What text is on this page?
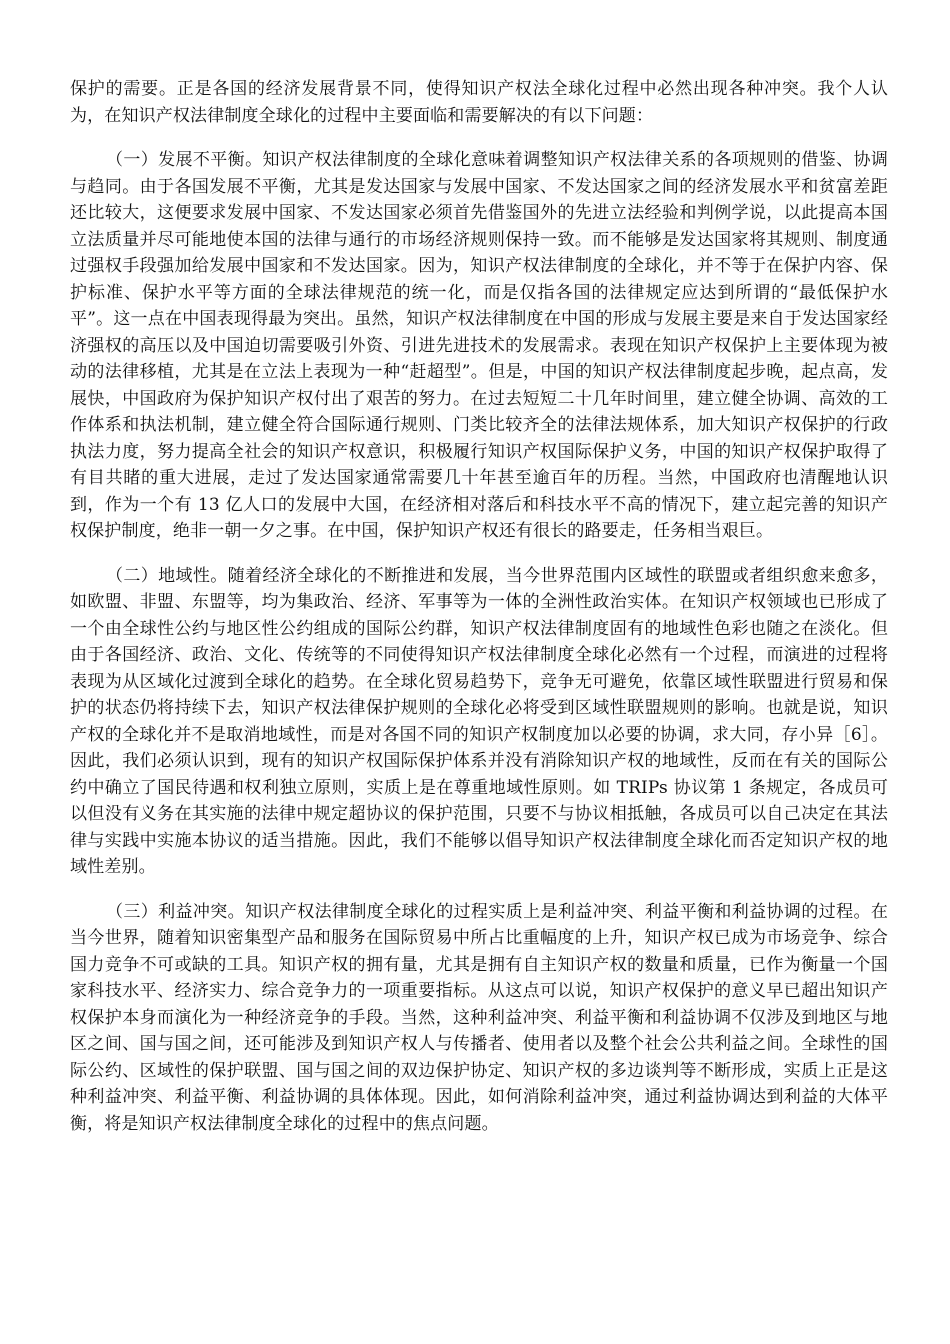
保护的需要。正是各国的经济发展背景不同，使得知识产权法全球化过程中必然出现各种冲突。我个人认为，在知识产权法律制度全球化的过程中主要面临和需要解决的有以下问题：

（一）发展不平衡。知识产权法律制度的全球化意味着调整知识产权法律关系的各项规则的借鉴、协调与趋同。由于各国发展不平衡，尤其是发达国家与发展中国家、不发达国家之间的经济发展水平和贫富差距还比较大，这便要求发展中国家、不发达国家必须首先借鉴国外的先进立法经验和判例学说，以此提高本国立法质量并尽可能地使本国的法律与通行的市场经济规则保持一致。而不能够是发达国家将其规则、制度通过强权手段强加给发展中国家和不发达国家。因为，知识产权法律制度的全球化，并不等于在保护内容、保护标准、保护水平等方面的全球法律规范的统一化，而是仅指各国的法律规定应达到所谓的“最低保护水平”。这一点在中国表现得最为突出。虽然，知识产权法律制度在中国的形成与发展主要是来自于发达国家经济强权的高压以及中国迫切需要吸引外资、引进先进技术的发展需求。表现在知识产权保护上主要体现为被动的法律移植，尤其是在立法上表现为一种“赶超型”。但是，中国的知识产权法律制度起步晚，起点高，发展快，中国政府为保护知识产权付出了艰苦的努力。在过去短短二十几年时间里，建立健全协调、高效的工作体系和执法机制，建立健全符合国际通行规则、门类比较齐全的法律法规体系，加大知识产权保护的行政执法力度，努力提高全社会的知识产权意识，积极履行知识产权国际保护义务，中国的知识产权保护取得了有目共睹的重大进展，走过了发达国家通常需要几十年甚至逾百年的历程。当然，中国政府也清醒地认识到，作为一个有 13 亿人口的发展中大国，在经济相对落后和科技水平不高的情况下，建立起完善的知识产权保护制度，绝非一朝一夕之事。在中国，保护知识产权还有很长的路要走，任务相当艰巨。

（二）地域性。随着经济全球化的不断推进和发展，当今世界范围内区域性的联盟或者组织愈来愈多，如欧盟、非盟、东盟等，均为集政治、经济、军事等为一体的全洲性政治实体。在知识产权领域也已形成了一个由全球性公约与地区性公约组成的国际公约群，知识产权法律制度固有的地域性色彩也随之在淡化。但由于各国经济、政治、文化、传统等的不同使得知识产权法律制度全球化必然有一个过程，而演进的过程将表现为从区域化过渡到全球化的趋势。在全球化贸易趋势下，竞争无可避免，依靠区域性联盟进行贸易和保护的状态仍将持续下去，知识产权法律保护规则的全球化必将受到区域性联盟规则的影响。也就是说，知识产权的全球化并不是取消地域性，而是对各国不同的知识产权制度加以必要的协调，求大同，存小异［6］。因此，我们必须认识到，现有的知识产权国际保护体系并没有消除知识产权的地域性，反而在有关的国际公约中确立了国民待遇和权利独立原则，实质上是在尊重地域性原则。如 TRIPs 协议第 1 条规定，各成员可以但没有义务在其实施的法律中规定超协议的保护范围，只要不与协议相抵触，各成员可以自己决定在其法律与实践中实施本协议的适当措施。因此，我们不能够以倡导知识产权法律制度全球化而否定知识产权的地域性差别。

（三）利益冲突。知识产权法律制度全球化的过程实质上是利益冲突、利益平衡和利益协调的过程。在当今世界，随着知识密集型产品和服务在国际贸易中所占比重幅度的上升，知识产权已成为市场竞争、综合国力竞争不可或缺的工具。知识产权的拥有量，尤其是拥有自主知识产权的数量和质量，已作为衡量一个国家科技水平、经济实力、综合竞争力的一项重要指标。从这点可以说，知识产权保护的意义早已超出知识产权保护本身而演化为一种经济竞争的手段。当然，这种利益冲突、利益平衡和利益协调不仅涉及到地区与地区之间、国与国之间，还可能涉及到知识产权人与传播者、使用者以及整个社会公共利益之间。全球性的国际公约、区域性的保护联盟、国与国之间的双边保护协定、知识产权的多边谈判等不断形成，实质上正是这种利益冲突、利益平衡、利益协调的具体体现。因此，如何消除利益冲突，通过利益协调达到利益的大体平衡，将是知识产权法律制度全球化的过程中的焦点问题。
